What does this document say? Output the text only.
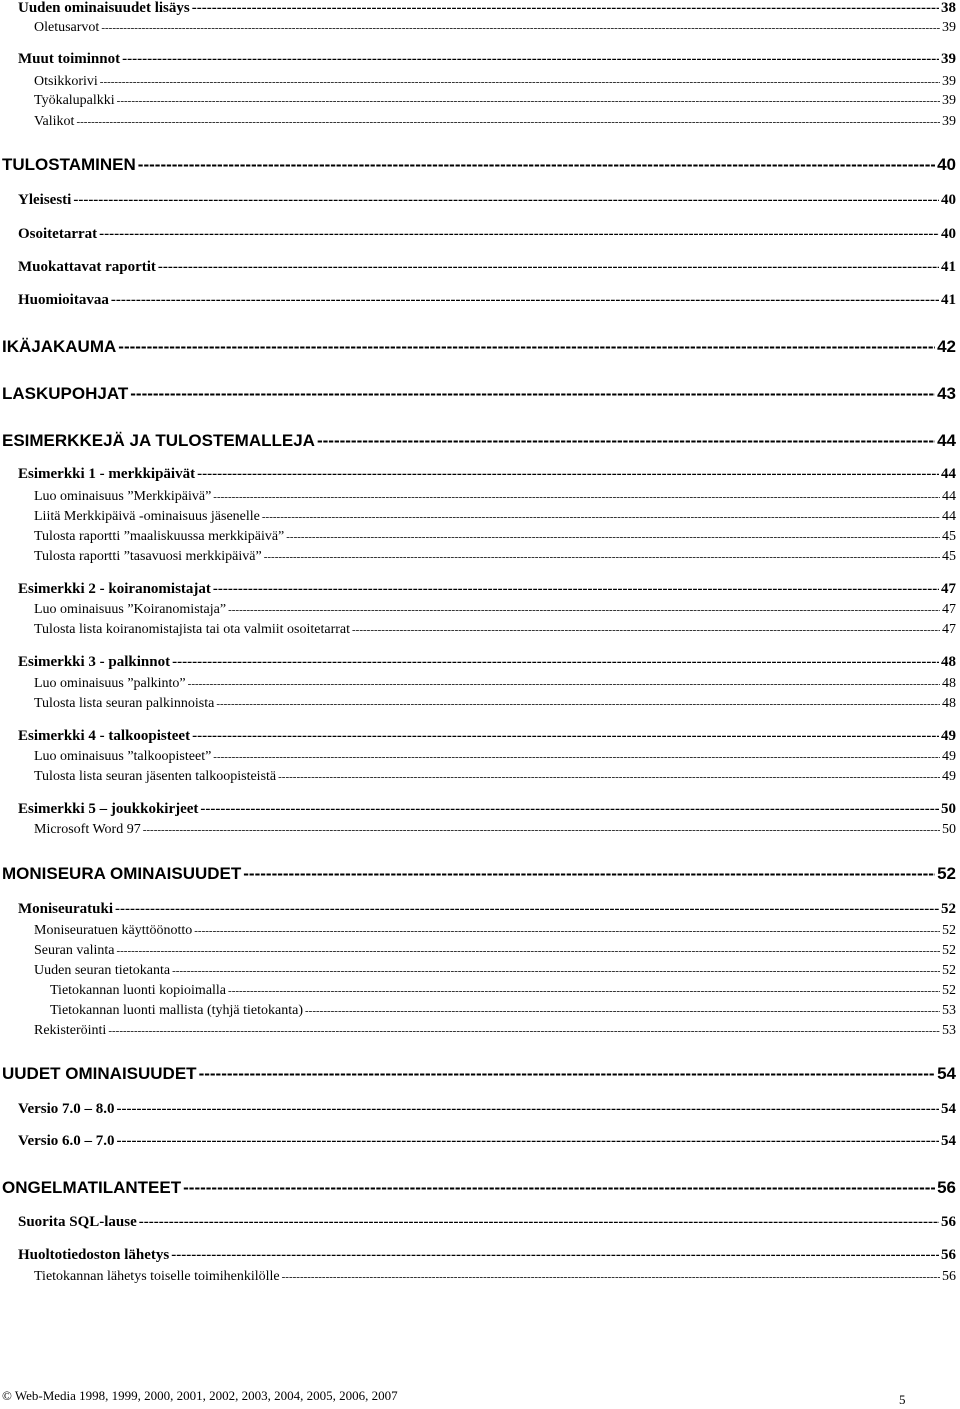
Uuden ominaisuudet lisäys -----	38
Oletusarvot -----	39
Muut toiminnot -----	39
Otsikkorivi -----	39
Työkalupalkki -----	39
Valikot -----	39
TULOSTAMINEN -----	40
Yleisesti -----	40
Osoitetarrat -----	40
Muokattavat raportit -----	41
Huomioitavaa -----	41
IKÄJAKAUMA -----	42
LASKUPOHJAT -----	43
ESIMERKKEJÄ JA TULOSTEMALLEJA -----	44
Esimerkki 1 - merkkipäivät -----	44
Luo ominaisuus ”Merkkipäivä” -----	44
Liitä Merkkipäivä -ominaisuus jäsenelle -----	44
Tulosta raportti ”maaliskuussa merkkipäivä” -----	45
Tulosta raportti ”tasavuosi merkkipäivä” -----	45
Esimerkki 2 - koiranomistajat -----	47
Luo ominaisuus ”Koiranomistaja” -----	47
Tulosta lista koiranomistajista tai ota valmiit osoitetarrat -----	47
Esimerkki 3 - palkinnot -----	48
Luo ominaisuus ”palkinto” -----	48
Tulosta lista seuran palkinnoista -----	48
Esimerkki 4 - talkoopisteet -----	49
Luo ominaisuus ”talkoopisteet” -----	49
Tulosta lista seuran jäsenten talkoopisteistä -----	49
Esimerkki 5 – joukkokirjeet -----	50
Microsoft Word 97 -----	50
MONISEURA OMINAISUUDET -----	52
Moniseuratuki -----	52
Moniseuratuen käyttöönotto -----	52
Seuran valinta -----	52
Uuden seuran tietokanta -----	52
Tietokannan luonti kopioimalla -----	52
Tietokannan luonti mallista (tyhjä tietokanta) -----	53
Rekisteröinti -----	53
UUDET OMINAISUUDET -----	54
Versio 7.0 – 8.0 -----	54
Versio 6.0 – 7.0 -----	54
ONGELMATILANTEET -----	56
Suorita SQL-lause -----	56
Huoltotiedoston lähetys -----	56
Tietokannan lähetys toiselle toimihenkilölle -----	56
© Web-Media 1998, 1999, 2000, 2001, 2002, 2003, 2004, 2005, 2006, 2007	5
